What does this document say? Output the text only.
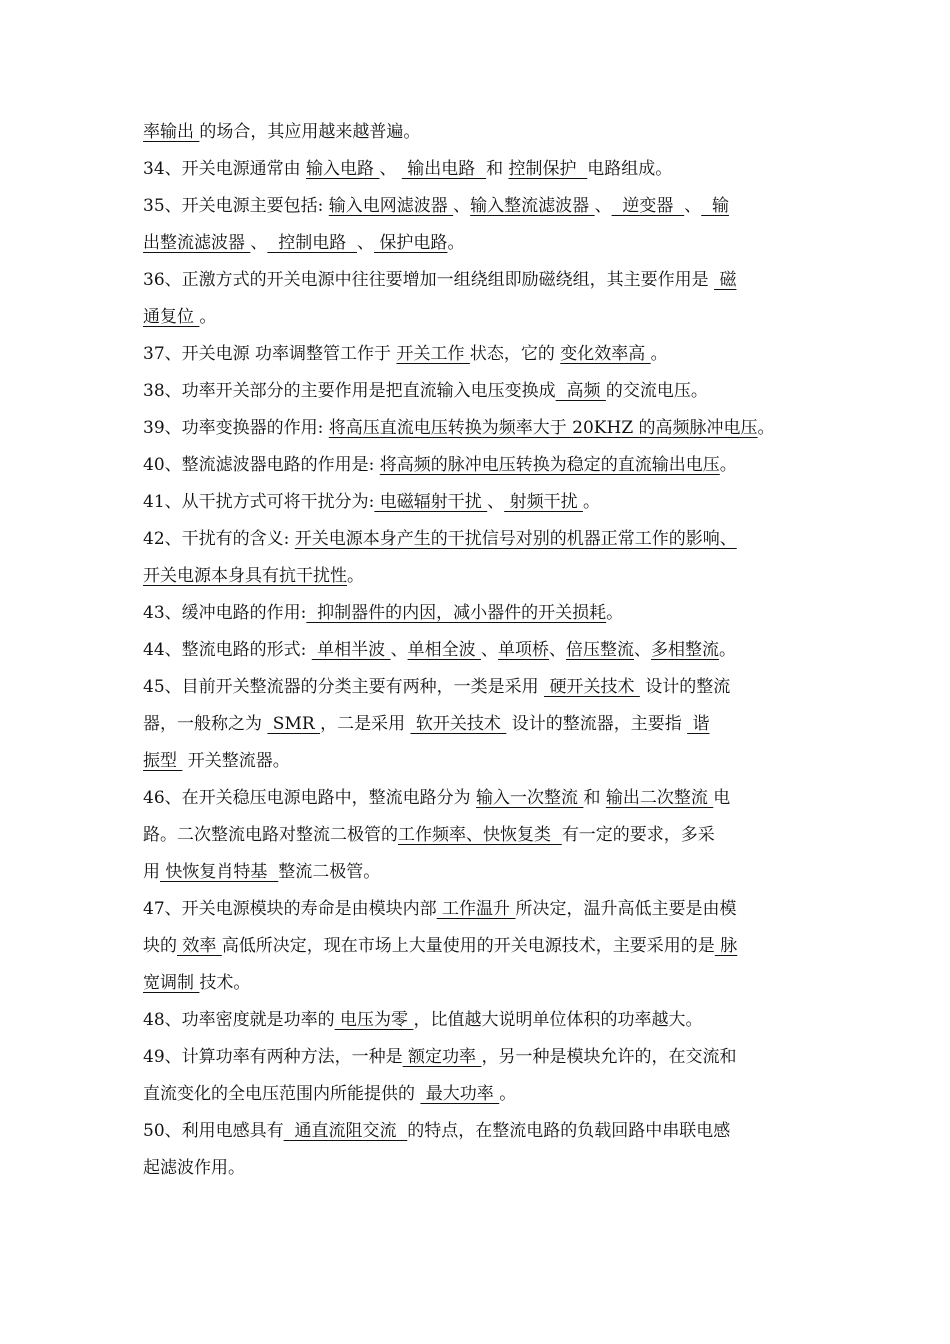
率输出 的场合，其应用越来越普遍。
34、开关电源通常由 输入电路 、  输出电路  和 控制保护  电路组成。
35、开关电源主要包括: 输入电网滤波器 、输入整流滤波器 、  逆变器  、  输
出整流滤波器 、  控制电路  、 保护电路。
36、正激方式的开关电源中往往要增加一组绕组即励磁绕组，其主要作用是  磁
通复位 。
37、开关电源 功率调整管工作于 开关工作 状态，它的 变化效率高 。
38、功率开关部分的主要作用是把直流输入电压变换成  高频 的交流电压。
39、功率变换器的作用: 将高压直流电压转换为频率大于 20KHZ 的高频脉冲电压。
40、整流滤波器电路的作用是: 将高频的脉冲电压转换为稳定的直流输出电压。
41、从干扰方式可将干扰分为: 电磁辐射干扰 、 射频干扰 。
42、干扰有的含义: 开关电源本身产生的干扰信号对别的机器正常工作的影响、
开关电源本身具有抗干扰性。
43、缓冲电路的作用:  抑制器件的内因，减小器件的开关损耗。
44、整流电路的形式:  单相半波 、单相全波 、单项桥、倍压整流、多相整流。
45、目前开关整流器的分类主要有两种，一类是采用  硬开关技术  设计的整流
器，一般称之为  SMR ，二是采用  软开关技术  设计的整流器，主要指  谐
振型  开关整流器。
46、在开关稳压电源电路中，整流电路分为 输入一次整流 和 输出二次整流 电
路。二次整流电路对整流二极管的工作频率、快恢复类  有一定的要求，多采
用 快恢复肖特基  整流二极管。
47、开关电源模块的寿命是由模块内部 工作温升 所决定，温升高低主要是由模
块的 效率 高低所决定，现在市场上大量使用的开关电源技术，主要采用的是 脉
宽调制 技术。
48、功率密度就是功率的 电压为零 ，比值越大说明单位体积的功率越大。
49、计算功率有两种方法，一种是 额定功率 ，另一种是模块允许的，在交流和
直流变化的全电压范围内所能提供的  最大功率 。
50、利用电感具有  通直流阻交流  的特点，在整流电路的负载回路中串联电感
起滤波作用。
